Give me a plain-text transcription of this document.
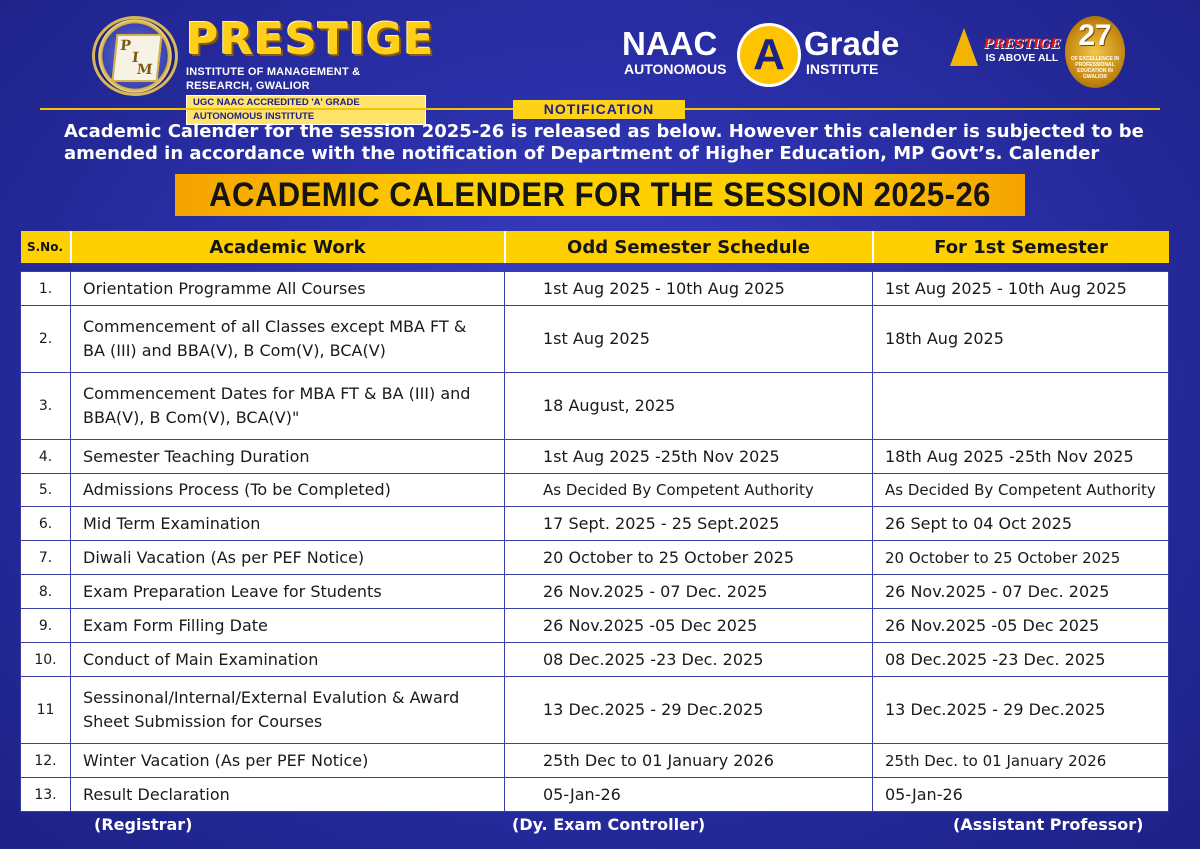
P
I
M
PRESTIGE
INSTITUTE OF MANAGEMENT & RESEARCH, GWALIOR
UGC NAAC ACCREDITED 'A' GRADE AUTONOMOUS INSTITUTE
NAAC A Grade
AUTONOMOUS	INSTITUTE
PRESTIGE
IS ABOVE ALL
27
OF EXCELLENCE IN PROFESSIONAL EDUCATION IN GWALIOR
NOTIFICATION
Academic Calender for the session 2025-26 is released as below. However this calender is subjected to be amended in accordance with the notification of Department of Higher Education, MP Govt’s. Calender
ACADEMIC CALENDER FOR THE SESSION 2025-26
S.No.	Academic Work	Odd Semester Schedule	For 1st Semester

1.	Orientation Programme All Courses	1st Aug 2025 - 10th Aug 2025	1st Aug 2025 - 10th Aug 2025
2.	Commencement of all Classes except MBA FT & BA (III) and BBA(V), B Com(V), BCA(V)	1st Aug 2025	18th Aug 2025
3.	Commencement Dates for MBA FT & BA (III) and BBA(V), B Com(V), BCA(V)"	18 August, 2025	
4.	Semester Teaching Duration	1st Aug 2025 -25th Nov 2025	18th Aug 2025 -25th Nov 2025
5.	Admissions Process (To be Completed)	As Decided By Competent Authority	As Decided By Competent Authority
6.	Mid Term Examination	17 Sept. 2025 - 25 Sept.2025	26 Sept to 04 Oct 2025
7.	Diwali Vacation (As per PEF Notice)	20 October to 25 October 2025	20 October to 25 October 2025
8.	Exam Preparation Leave for Students	26 Nov.2025 - 07 Dec. 2025	26 Nov.2025 - 07 Dec. 2025
9.	Exam Form Filling Date	26 Nov.2025 -05 Dec 2025	26 Nov.2025 -05 Dec 2025
10.	Conduct of Main Examination	08 Dec.2025 -23 Dec. 2025	08 Dec.2025 -23 Dec. 2025
11	Sessinonal/Internal/External Evalution & Award Sheet Submission for Courses	13 Dec.2025 - 29 Dec.2025	13 Dec.2025 - 29 Dec.2025
12.	Winter Vacation (As per PEF Notice)	25th Dec to 01 January 2026	25th Dec. to 01 January 2026
13.	Result Declaration	05-Jan-26	05-Jan-26
(Registrar)	(Dy. Exam Controller)	(Assistant Professor)
